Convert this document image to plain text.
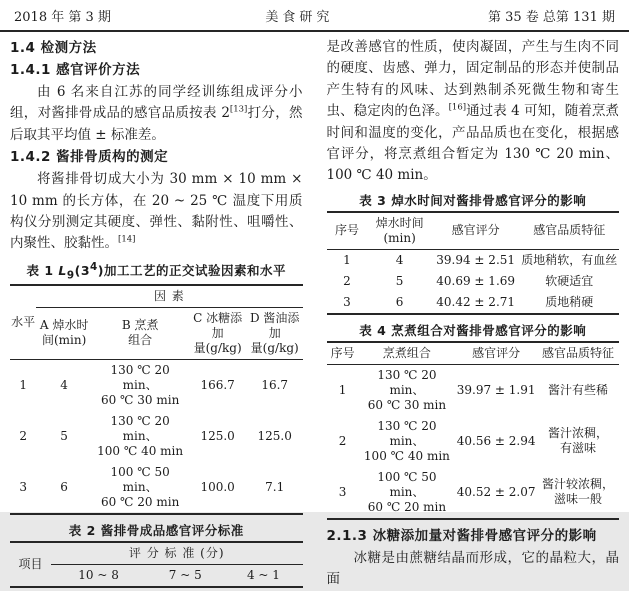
2018 年 第 3 期	美食研究	第 35 卷 总第 131 期
1.4 检测方法
1.4.1 感官评价方法

由 6 名来自江苏的同学经训练组成评分小组，对酱排骨成品的感官品质按表 2[13]打分，然后取其平均值 ± 标准差。

1.4.2 酱排骨质构的测定

将酱排骨切成大小为 30 mm × 10 mm × 10 mm 的长方体，在 20 ~ 25 ℃ 温度下用质构仪分别测定其硬度、弹性、黏附性、咀嚼性、内聚性、胶黏性。[14]

表 1 $L_9(3^4)$加工工艺的正交试验因素和水平
水平	因 素			

	A 焯水时
间(min)	B 烹煮
组合	C 冰糖添加
量(g/kg)	D 酱油添加
量(g/kg)

1	4	130 ℃ 20 min、
60 ℃ 30 min	166.7	16.7
2	5	130 ℃ 20 min、
100 ℃ 40 min	125.0	125.0
3	6	100 ℃ 50 min、
60 ℃ 20 min	100.0	7.1
表 2 酱排骨成品感官评分标准
项目	评 分 标 准 (分)		
	10 ~ 8	7 ~ 5	4 ~ 1

是改善感官的性质，使肉凝固，产生与生肉不同的硬度、齿感、弹力，固定制品的形态并使制品产生特有的风味、达到熟制杀死微生物和寄生虫、稳定肉的色泽。[16]通过表 4 可知，随着烹煮时间和温度的变化，产品品质也在变化，根据感官评分，将烹煮组合暂定为 130 ℃ 20 min、100 ℃ 40 min。

表 3 焯水时间对酱排骨感官评分的影响
序号	焯水时间
(min)	感官评分	感官品质特征
1	4	39.94 ± 2.51	质地稍软，有血丝
2	5	40.69 ± 1.69	软硬适宜
3	6	40.42 ± 2.71	质地稍硬
表 4 烹煮组合对酱排骨感官评分的影响
序号	烹煮组合	感官评分	感官品质特征
1	130 ℃ 20 min、
60 ℃ 30 min	39.97 ± 1.91	酱汁有些稀
2	130 ℃ 20 min、
100 ℃ 40 min	40.56 ± 2.94	酱汁浓稠，
有滋味

3	100 ℃ 50 min、
60 ℃ 20 min	40.52 ± 2.07	酱汁较浓稠，
滋味一般
2.1.3 冰糖添加量对酱排骨感官评分的影响

冰糖是由蔗糖结晶而形成，它的晶粒大，晶面
